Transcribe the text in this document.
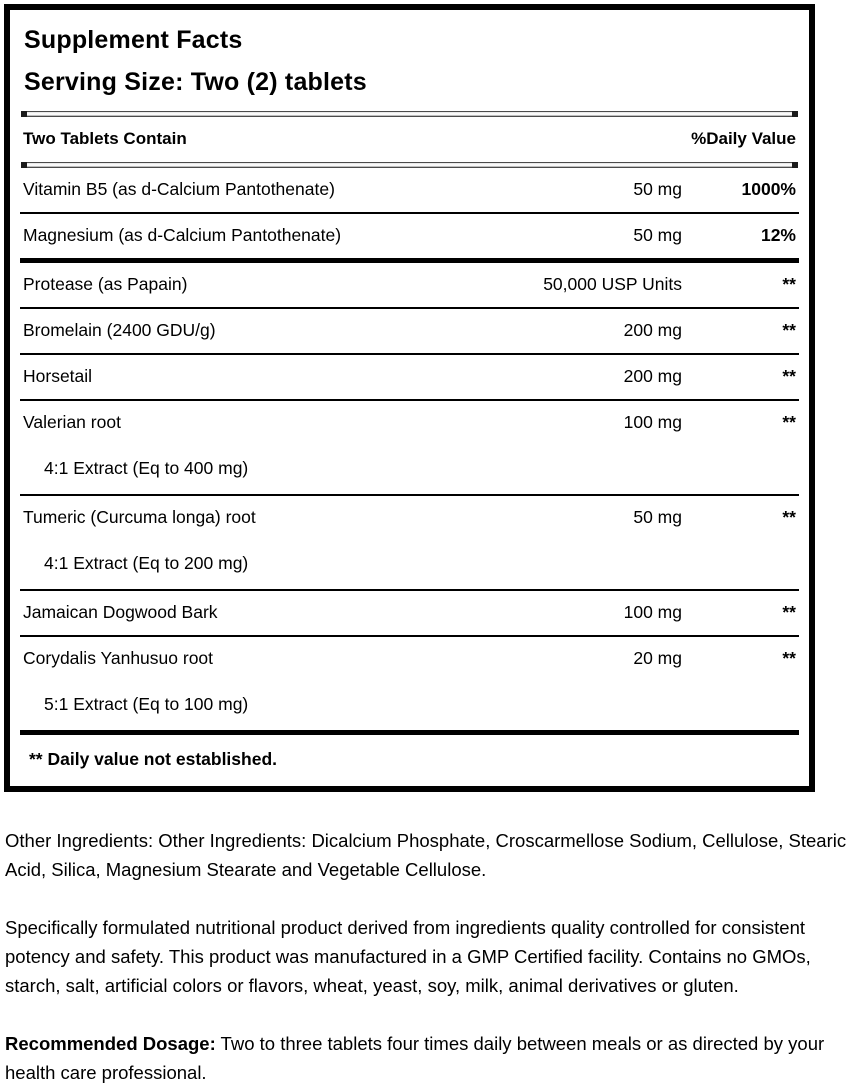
Supplement Facts
Serving Size: Two (2) tablets
Two Tablets Contain	%Daily Value
Vitamin B5 (as d-Calcium Pantothenate)	50 mg	1000%
Magnesium (as d-Calcium Pantothenate)	50 mg	12%
Protease (as Papain)	50,000 USP Units	**
Bromelain (2400 GDU/g)	200 mg	**
Horsetail	200 mg	**
Valerian root	100 mg	**
4:1 Extract (Eq to 400 mg)
Tumeric (Curcuma longa) root	50 mg	**
4:1 Extract (Eq to 200 mg)
Jamaican Dogwood Bark	100 mg	**
Corydalis Yanhusuo root	20 mg	**
5:1 Extract (Eq to 100 mg)
** Daily value not established.

Other Ingredients: Other Ingredients: Dicalcium Phosphate, Croscarmellose Sodium, Cellulose, Stearic Acid, Silica, Magnesium Stearate and Vegetable Cellulose.

Specifically formulated nutritional product derived from ingredients quality controlled for consistent potency and safety. This product was manufactured in a GMP Certified facility. Contains no GMOs, starch, salt, artificial colors or flavors, wheat, yeast, soy, milk, animal derivatives or gluten.

Recommended Dosage: Two to three tablets four times daily between meals or as directed by your health care professional.
